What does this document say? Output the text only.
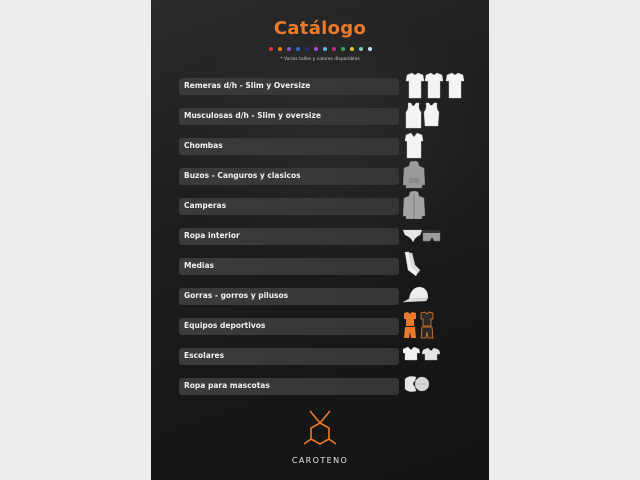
Catálogo
* Varios talles y colores disponibles
Remeras d/h - Slim y Oversize
Musculosas d/h - Slim y oversize
Chombas
Buzos - Canguros y clasicos
Camperas
Ropa interior
Medias
Gorras - gorros y pilusos
Equipos deportivos
Escolares
Ropa para mascotas
CAROTENO
